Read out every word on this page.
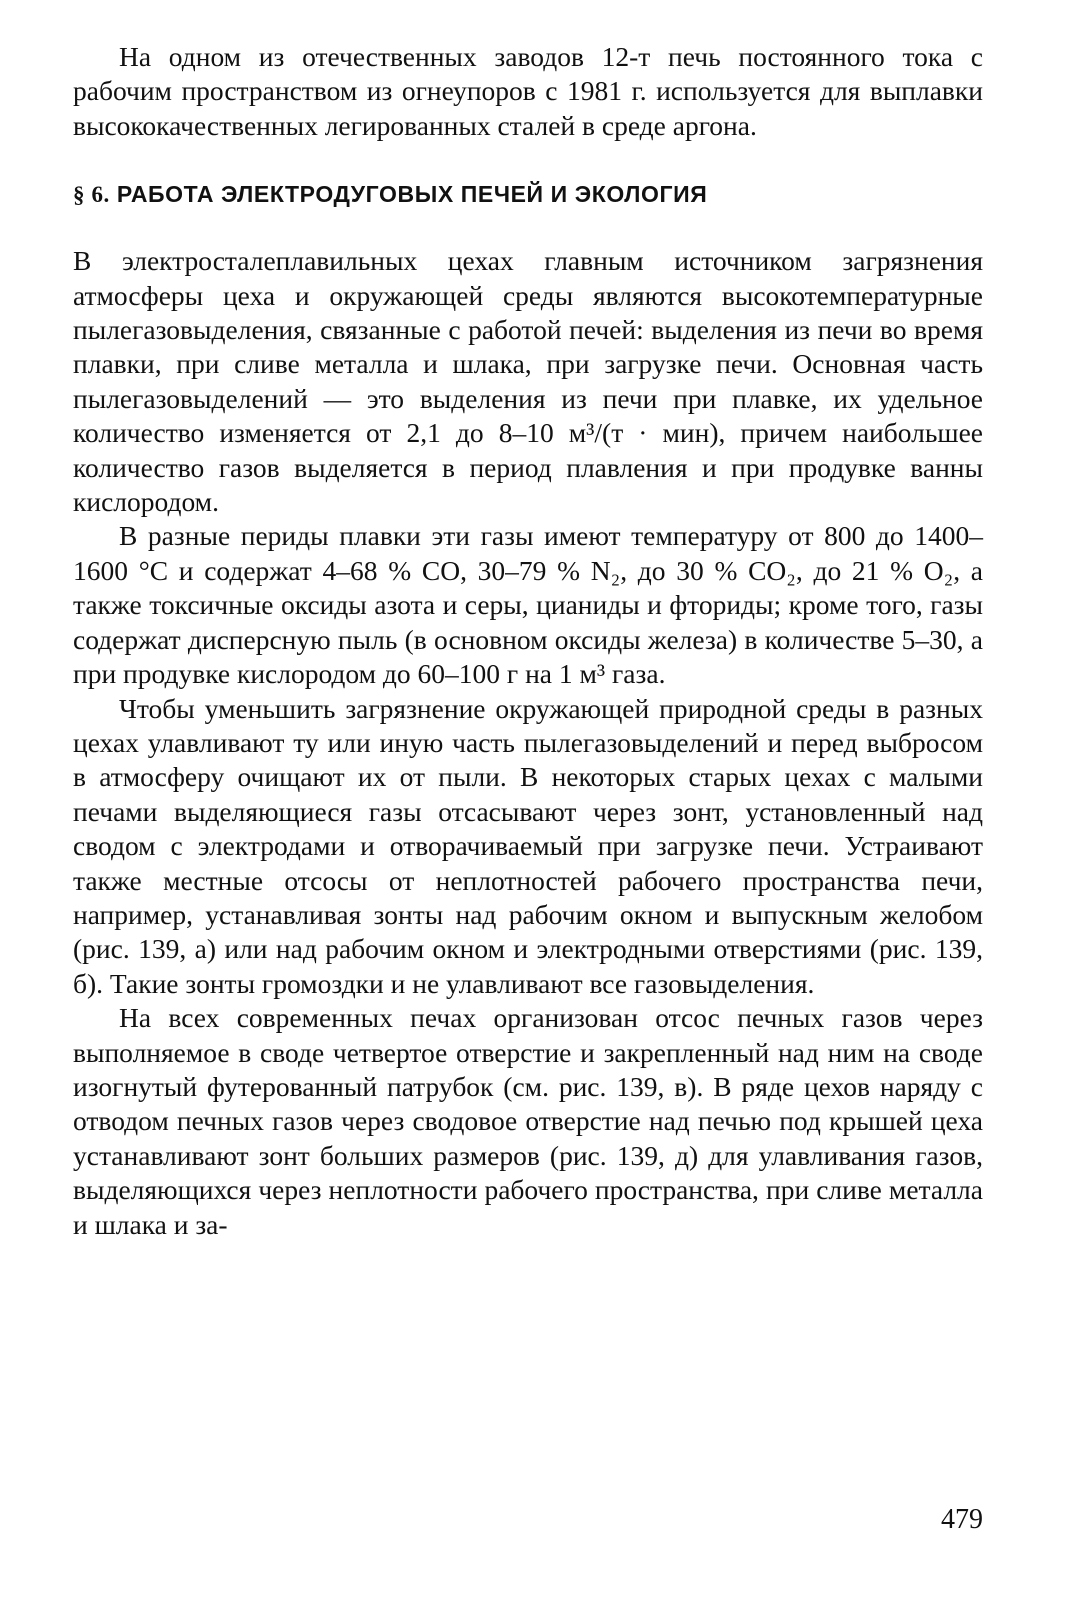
На одном из отечественных заводов 12-т печь постоянного тока с рабочим пространством из огнеупоров с 1981 г. используется для выплавки высококачественных легированных сталей в среде аргона.

§ 6. РАБОТА ЭЛЕКТРОДУГОВЫХ ПЕЧЕЙ И ЭКОЛОГИЯ

В электросталеплавильных цехах главным источником загрязнения атмосферы цеха и окружающей среды являются высокотемпературные пылегазовыделения, связанные с работой печей: выделения из печи во время плавки, при сливе металла и шлака, при загрузке печи. Основная часть пылегазовыделений — это выделения из печи при плавке, их удельное количество изменяется от 2,1 до 8–10 м³/(т · мин), причем наибольшее количество газов выделяется в период плавления и при продувке ванны кислородом.

В разные периды плавки эти газы имеют температуру от 800 до 1400–1600 °С и содержат 4–68 % СО, 30–79 % N₂, до 30 % СО₂, до 21 % О₂, а также токсичные оксиды азота и серы, цианиды и фториды; кроме того, газы содержат дисперсную пыль (в основном оксиды железа) в количестве 5–30, а при продувке кислородом до 60–100 г на 1 м³ газа.

Чтобы уменьшить загрязнение окружающей природной среды в разных цехах улавливают ту или иную часть пылегазовыделений и перед выбросом в атмосферу очищают их от пыли. В некоторых старых цехах с малыми печами выделяющиеся газы отсасывают через зонт, установленный над сводом с электродами и отворачиваемый при загрузке печи. Устраивают также местные отсосы от неплотностей рабочего пространства печи, например, устанавливая зонты над рабочим окном и выпускным желобом (рис. 139, а) или над рабочим окном и электродными отверстиями (рис. 139, б). Такие зонты громоздки и не улавливают все газовыделения.

На всех современных печах организован отсос печных газов через выполняемое в своде четвертое отверстие и закрепленный над ним на своде изогнутый футерованный патрубок (см. рис. 139, в). В ряде цехов наряду с отводом печных газов через сводовое отверстие над печью под крышей цеха устанавливают зонт больших размеров (рис. 139, д) для улавливания газов, выделяющихся через неплотности рабочего пространства, при сливе металла и шлака и за-

479
